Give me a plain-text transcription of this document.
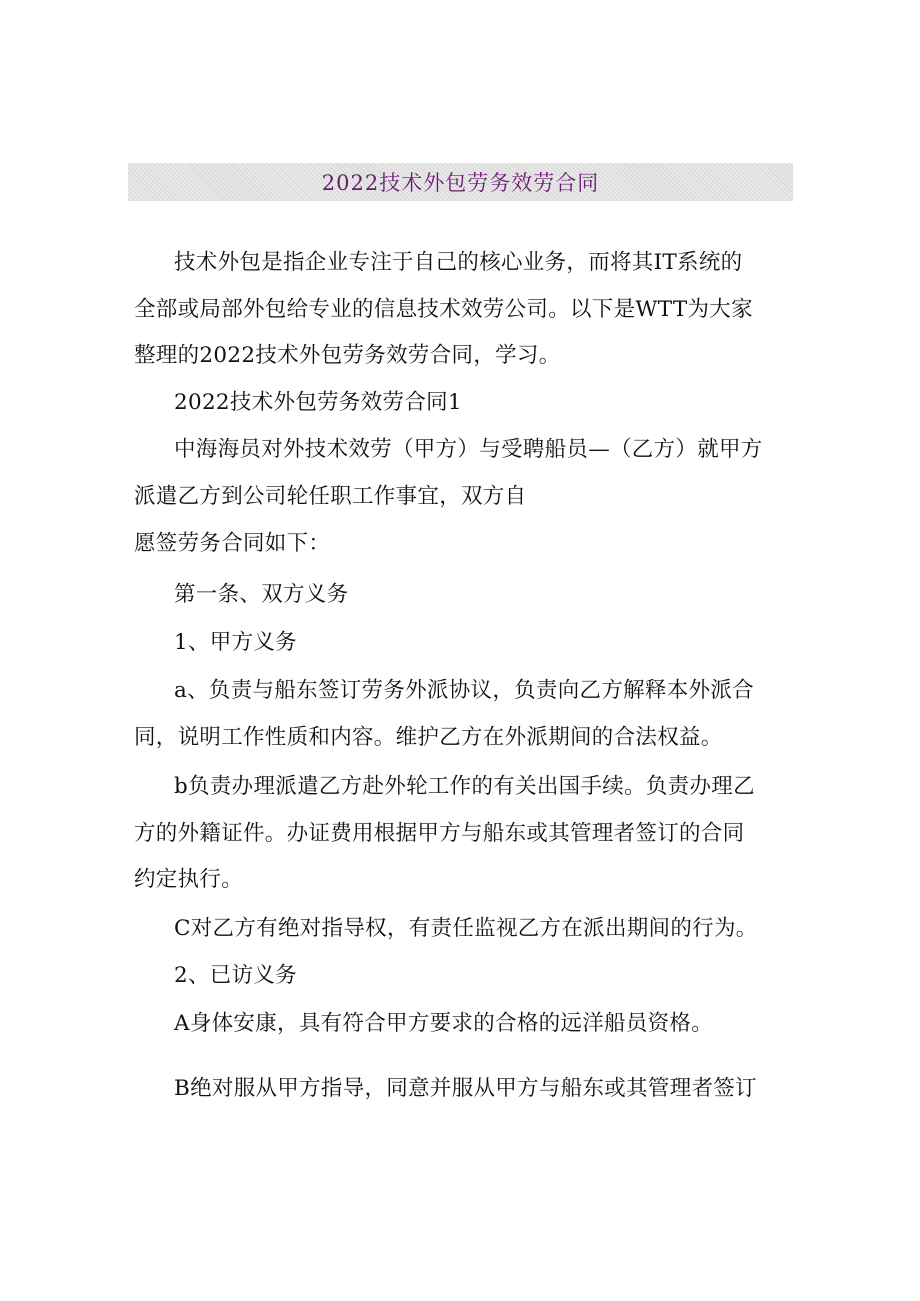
2022技术外包劳务效劳合同
技术外包是指企业专注于自己的核心业务，而将其IT系统的
全部或局部外包给专业的信息技术效劳公司。以下是WTT为大家
整理的2022技术外包劳务效劳合同，学习。
2022技术外包劳务效劳合同1
中海海员对外技术效劳（甲方）与受聘船员—（乙方）就甲方
派遣乙方到公司轮任职工作事宜，双方自
愿签劳务合同如下：
第一条、双方义务
1、甲方义务
a、负责与船东签订劳务外派协议，负责向乙方解释本外派合
同，说明工作性质和内容。维护乙方在外派期间的合法权益。
b负责办理派遣乙方赴外轮工作的有关出国手续。负责办理乙
方的外籍证件。办证费用根据甲方与船东或其管理者签订的合同
约定执行。
C对乙方有绝对指导权，有责任监视乙方在派出期间的行为。
2、已访义务
A身体安康，具有符合甲方要求的合格的远洋船员资格。
B绝对服从甲方指导，同意并服从甲方与船东或其管理者签订
